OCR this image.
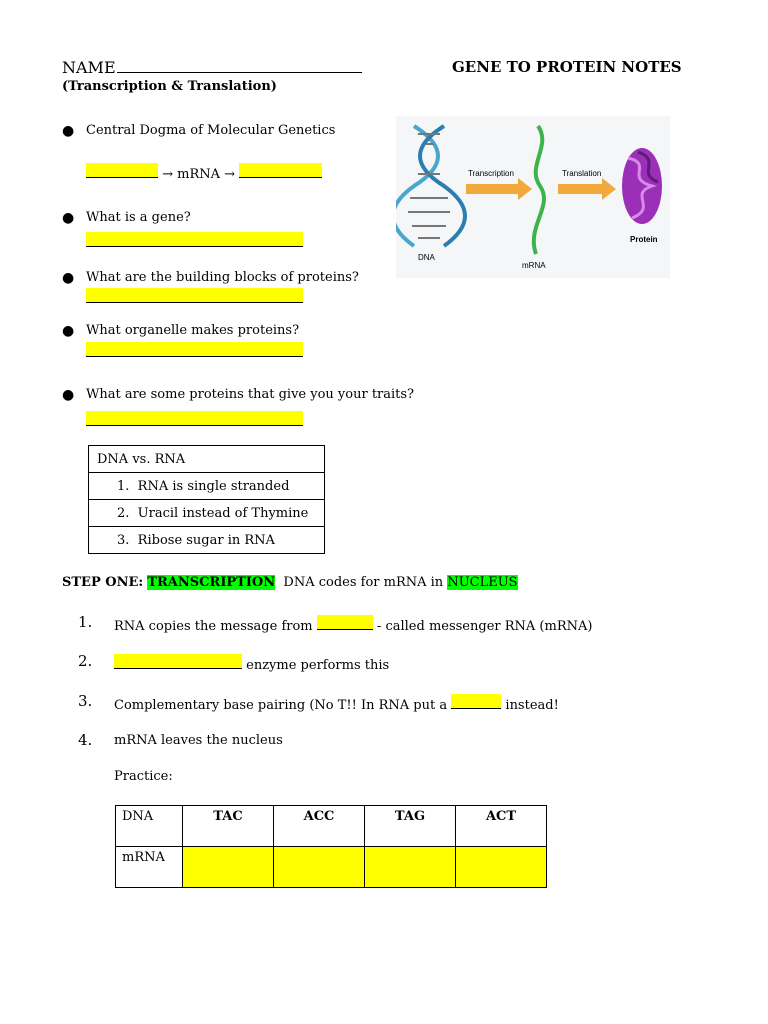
NAME	GENE TO PROTEIN NOTES
(Transcription & Translation)
● Central Dogma of Molecular Genetics
→ mRNA →
● What is a gene?
● What are the building blocks of proteins?
● What organelle makes proteins?
● What are some proteins that give you your traits?
DNA
Transcription
mRNA
Translation
Protein
DNA vs. RNA
1.  RNA is single stranded
2.  Uracil instead of Thymine
3.  Ribose sugar in RNA
STEP ONE: TRANSCRIPTION DNA codes for mRNA in NUCLEUS
1. RNA copies the message from	- called messenger RNA (mRNA)
2.	enzyme performs this
3. Complementary base pairing (No T!! In RNA put a	instead!
4. mRNA leaves the nucleus
Practice:
DNA	TAC	ACC	TAG	ACT
mRNA				
